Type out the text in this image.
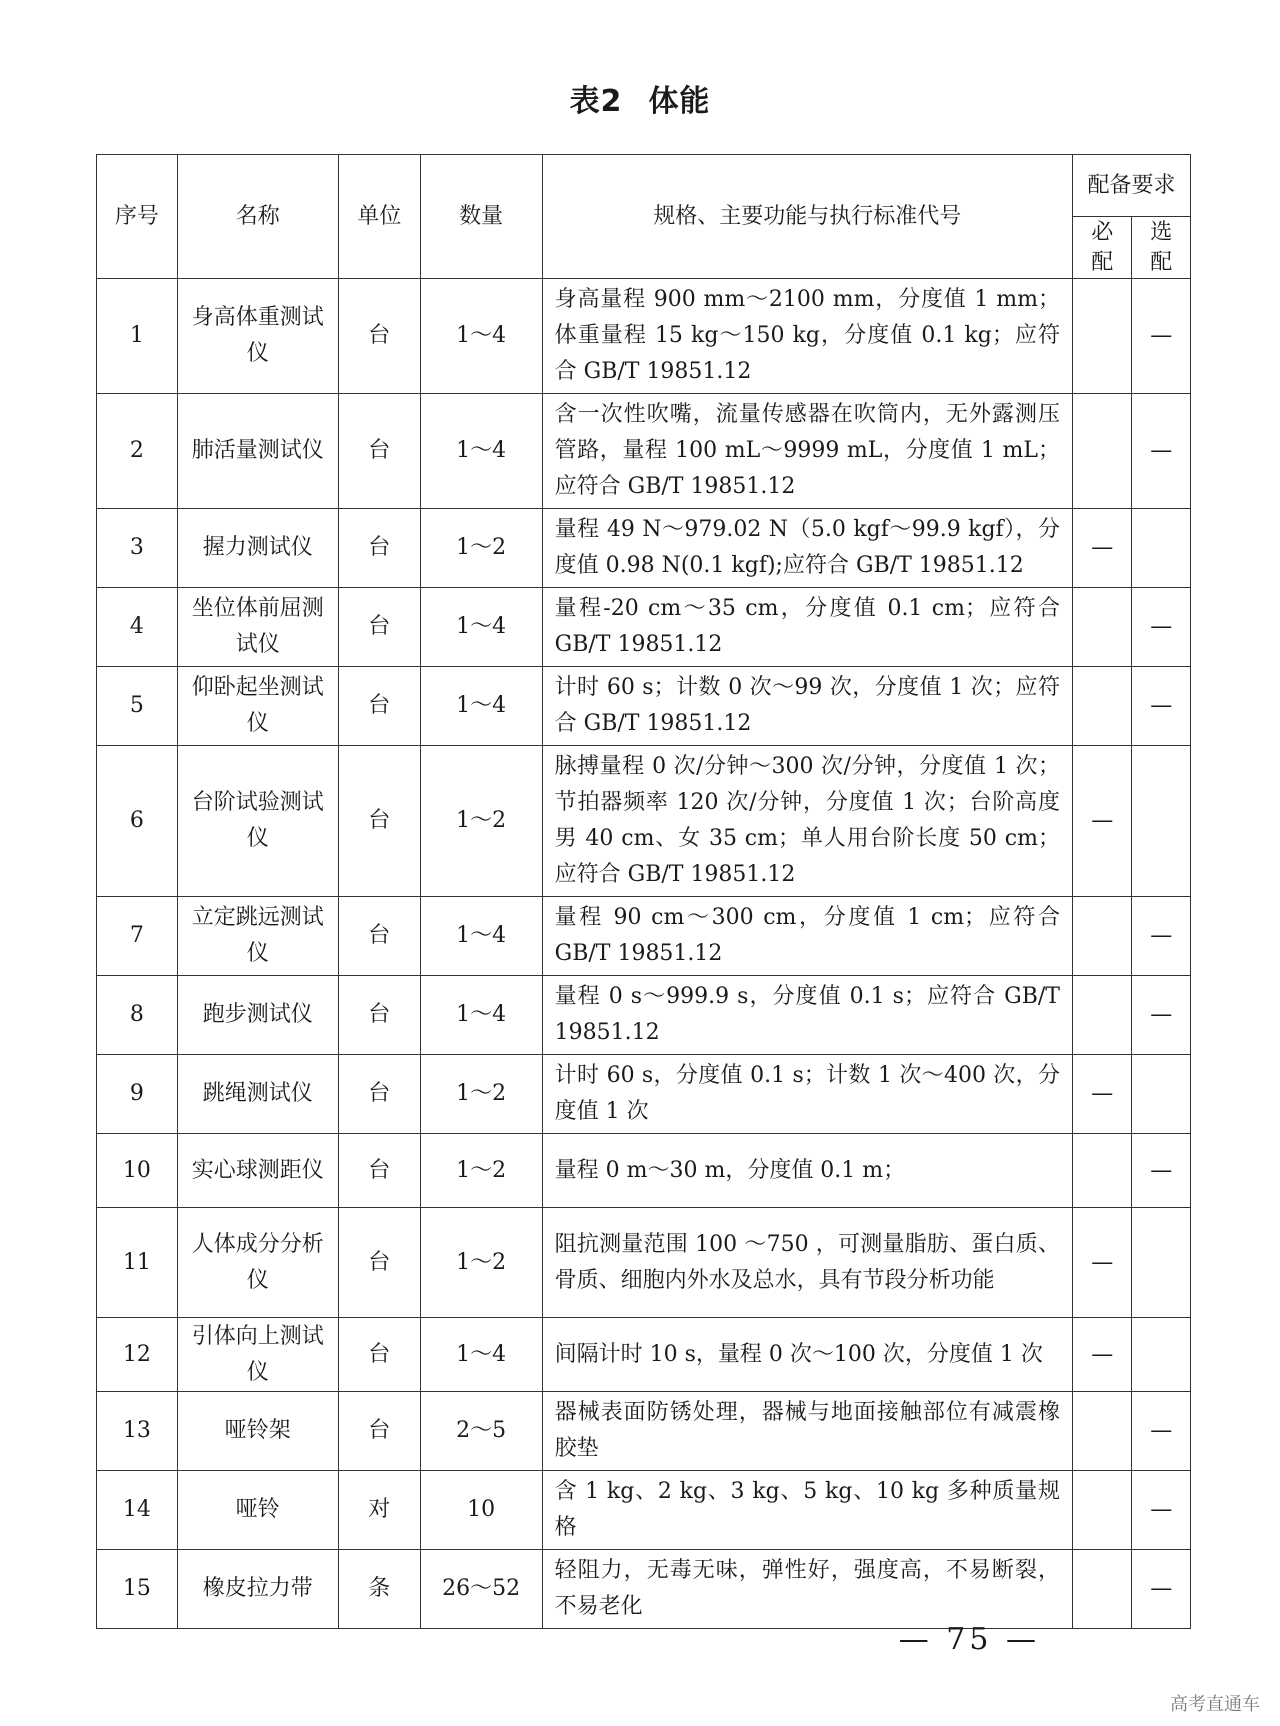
表2 体能
序号	名称	单位	数量	规格、主要功能与执行标准代号	配备要求	
					必配	选配
1	身高体重测试仪	台	1～4	身高量程 900 mm～2100 mm，分度值 1 mm；体重量程 15 kg～150 kg，分度值 0.1 kg；应符合 GB/T 19851.12		—
2	肺活量测试仪	台	1～4	含一次性吹嘴，流量传感器在吹筒内，无外露测压管路，量程 100 mL～9999 mL，分度值 1 mL；应符合 GB/T 19851.12		—
3	握力测试仪	台	1～2	量程 49 N～979.02 N（5.0 kgf～99.9 kgf），分度值 0.98 N(0.1 kgf);应符合 GB/T 19851.12	—	
4	坐位体前屈测试仪	台	1～4	量程-20 cm～35 cm，分度值 0.1 cm；应符合 GB/T 19851.12		—
5	仰卧起坐测试仪	台	1～4	计时 60 s；计数 0 次～99 次，分度值 1 次；应符合 GB/T 19851.12		—
6	台阶试验测试仪	台	1～2	脉搏量程 0 次/分钟～300 次/分钟，分度值 1 次；节拍器频率 120 次/分钟，分度值 1 次；台阶高度男 40 cm、女 35 cm；单人用台阶长度 50 cm；应符合 GB/T 19851.12	—	
7	立定跳远测试仪	台	1～4	量程 90 cm～300 cm，分度值 1 cm；应符合 GB/T 19851.12		—
8	跑步测试仪	台	1～4	量程 0 s～999.9 s，分度值 0.1 s；应符合 GB/T 19851.12		—
9	跳绳测试仪	台	1～2	计时 60 s，分度值 0.1 s；计数 1 次～400 次，分度值 1 次	—	
10	实心球测距仪	台	1～2	量程 0 m～30 m，分度值 0.1 m；		—
11	人体成分分析仪	台	1～2	阻抗测量范围 100 ～750 ，可测量脂肪、蛋白质、骨质、细胞内外水及总水，具有节段分析功能	—	
12	引体向上测试仪	台	1～4	间隔计时 10 s，量程 0 次～100 次，分度值 1 次	—	
13	哑铃架	台	2～5	器械表面防锈处理，器械与地面接触部位有减震橡胶垫		—
14	哑铃	对	10	含 1 kg、2 kg、3 kg、5 kg、10 kg 多种质量规格		—
15	橡皮拉力带	条	26～52	轻阻力，无毒无味，弹性好，强度高，不易断裂，不易老化		—
— 75 —
高考直通车
